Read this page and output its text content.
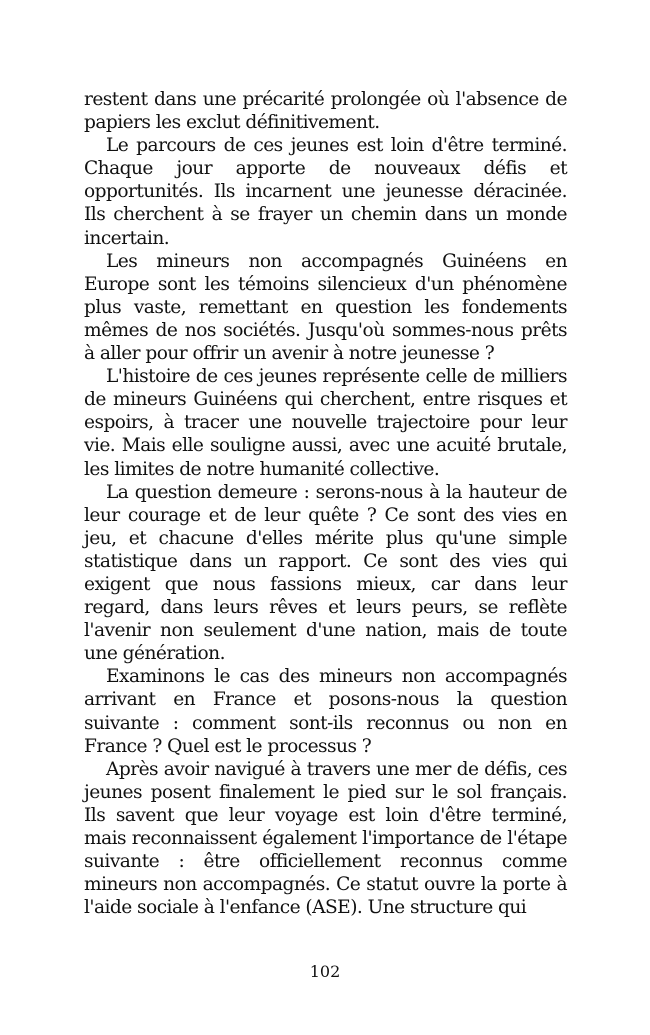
restent dans une précarité prolongée où l'absence de papiers les exclut définitivement.

Le parcours de ces jeunes est loin d'être terminé. Chaque jour apporte de nouveaux défis et opportunités. Ils incarnent une jeunesse déracinée. Ils cherchent à se frayer un chemin dans un monde incertain.

Les mineurs non accompagnés Guinéens en Europe sont les témoins silencieux d'un phénomène plus vaste, remettant en question les fondements mêmes de nos sociétés. Jusqu'où sommes-nous prêts à aller pour offrir un avenir à notre jeunesse ?

L'histoire de ces jeunes représente celle de milliers de mineurs Guinéens qui cherchent, entre risques et espoirs, à tracer une nouvelle trajectoire pour leur vie. Mais elle souligne aussi, avec une acuité brutale, les limites de notre humanité collective.

La question demeure : serons-nous à la hauteur de leur courage et de leur quête ? Ce sont des vies en jeu, et chacune d'elles mérite plus qu'une simple statistique dans un rapport. Ce sont des vies qui exigent que nous fassions mieux, car dans leur regard, dans leurs rêves et leurs peurs, se reflète l'avenir non seulement d'une nation, mais de toute une génération.

Examinons le cas des mineurs non accompagnés arrivant en France et posons-nous la question suivante : comment sont-ils reconnus ou non en France ? Quel est le processus ?

Après avoir navigué à travers une mer de défis, ces jeunes posent finalement le pied sur le sol français. Ils savent que leur voyage est loin d'être terminé, mais reconnaissent également l'importance de l'étape suivante : être officiellement reconnus comme mineurs non accompagnés. Ce statut ouvre la porte à l'aide sociale à l'enfance (ASE). Une structure qui

102
